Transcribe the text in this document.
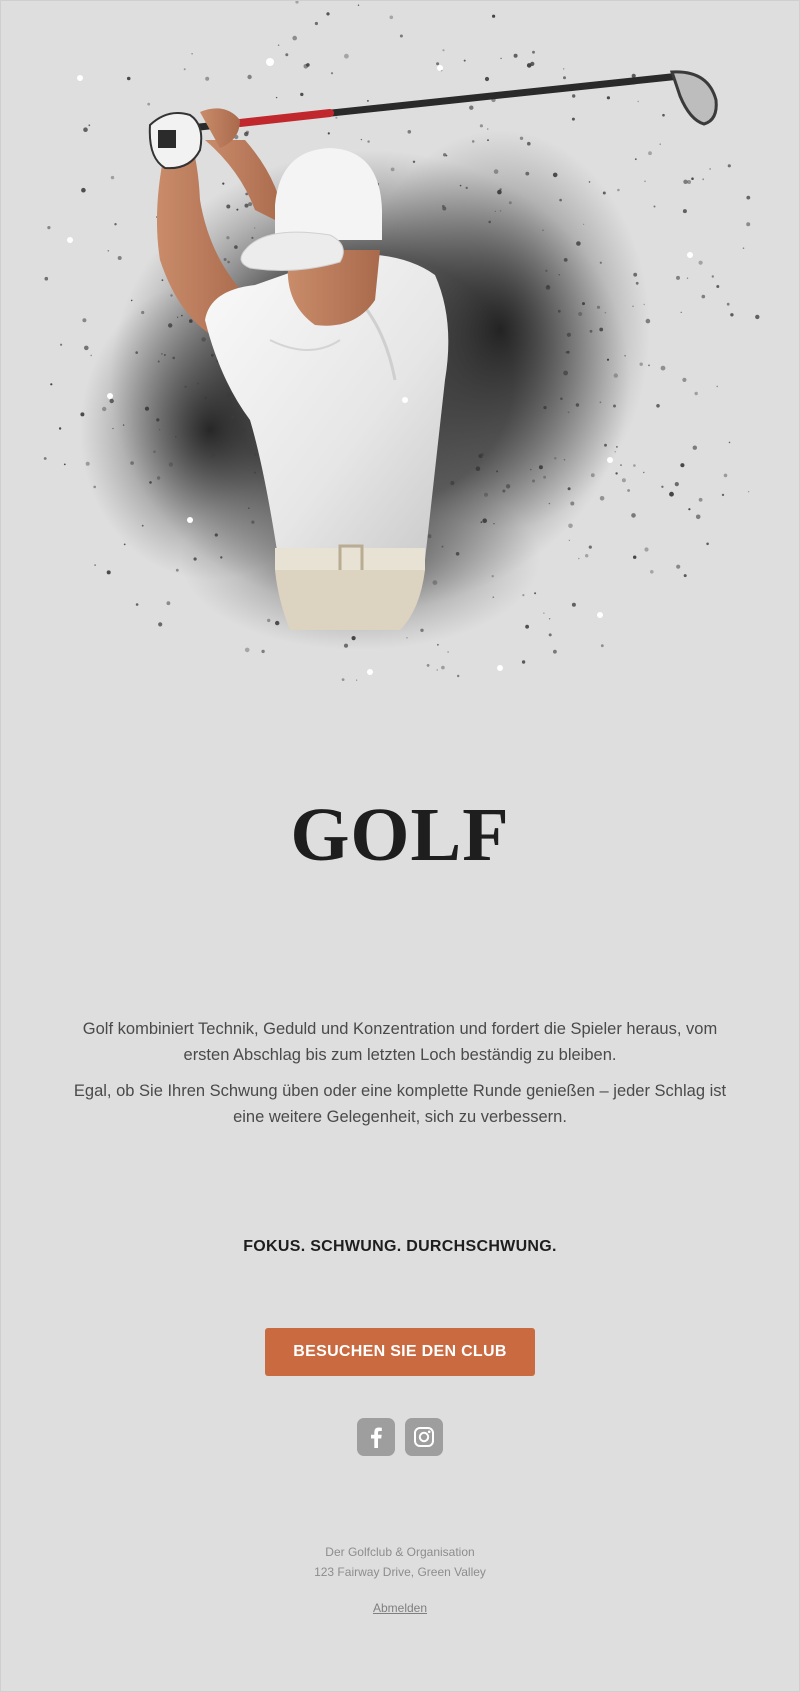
GOLF

Golf kombiniert Technik, Geduld und Konzentration und fordert die Spieler heraus, vom ersten Abschlag bis zum letzten Loch beständig zu bleiben.

Egal, ob Sie Ihren Schwung üben oder eine komplette Runde genießen – jeder Schlag ist eine weitere Gelegenheit, sich zu verbessern.

FOKUS. SCHWUNG. DURCHSCHWUNG.
BESUCHEN SIE DEN CLUB
Der Golfclub & Organisation
123 Fairway Drive, Green Valley
Abmelden
